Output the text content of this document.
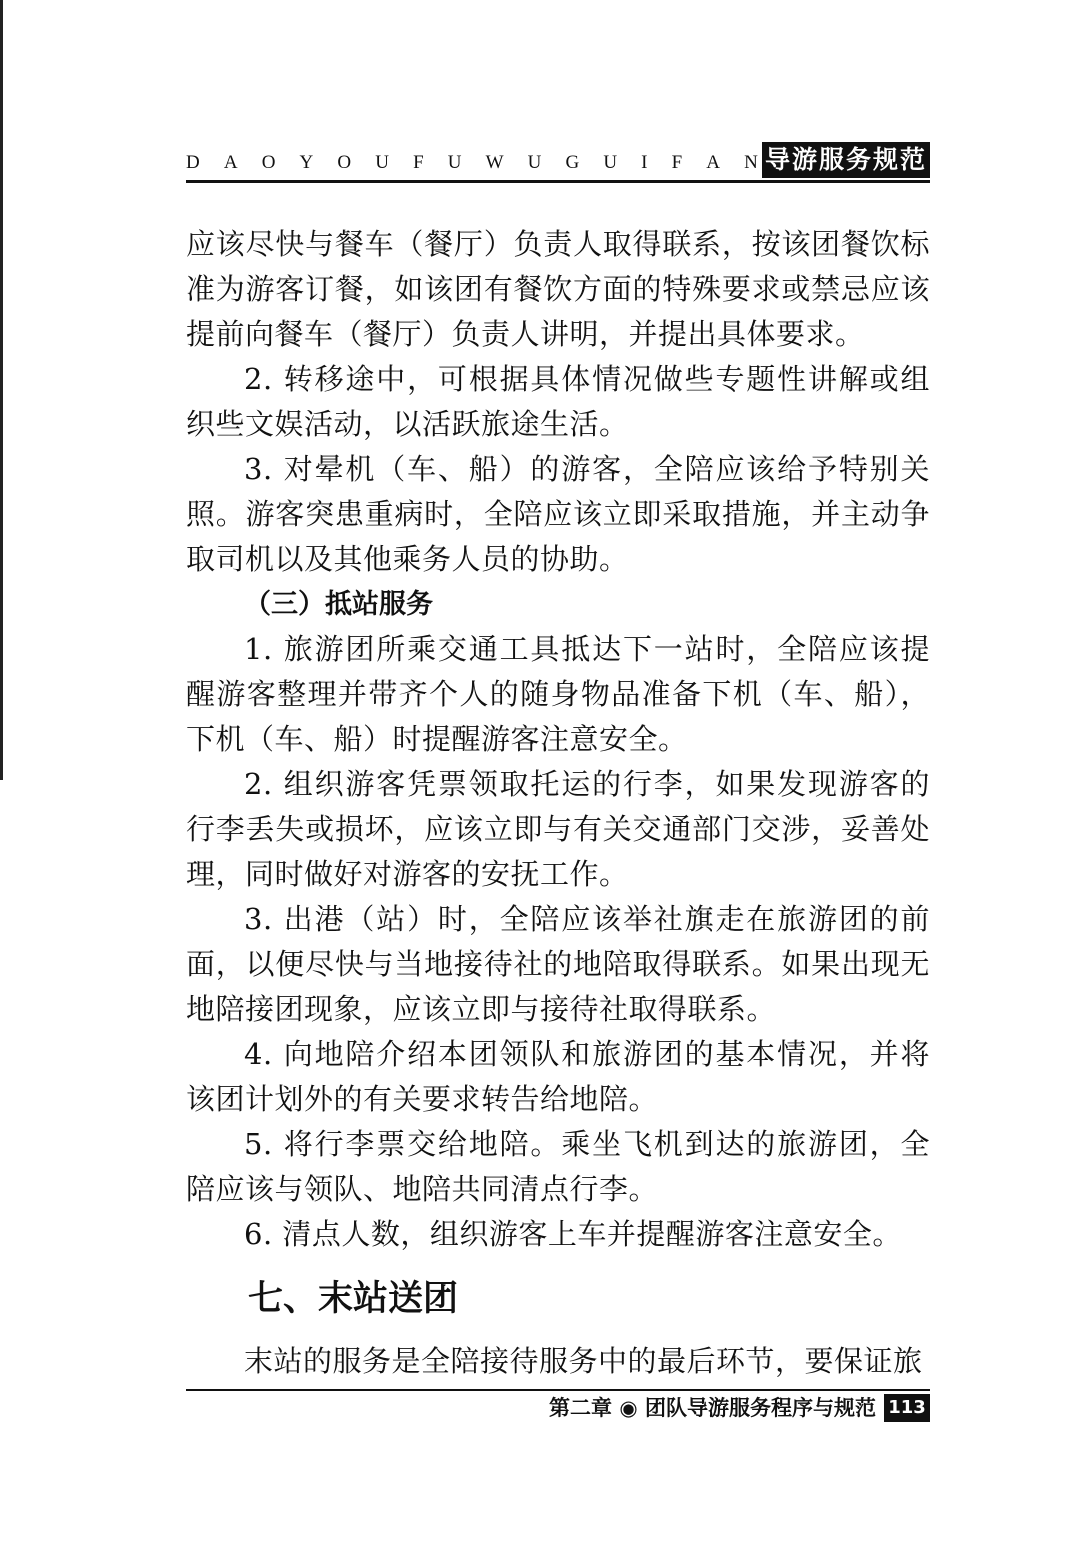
D A O Y O U F U W U G U I F A N 导游服务规范

应该尽快与餐车（餐厅）负责人取得联系，按该团餐饮标准为游客订餐，如该团有餐饮方面的特殊要求或禁忌应该提前向餐车（餐厅）负责人讲明，并提出具体要求。

2. 转移途中，可根据具体情况做些专题性讲解或组织些文娱活动，以活跃旅途生活。

3. 对晕机（车、船）的游客，全陪应该给予特别关照。游客突患重病时，全陪应该立即采取措施，并主动争取司机以及其他乘务人员的协助。

（三）抵站服务

1. 旅游团所乘交通工具抵达下一站时，全陪应该提醒游客整理并带齐个人的随身物品准备下机（车、船），下机（车、船）时提醒游客注意安全。

2. 组织游客凭票领取托运的行李，如果发现游客的行李丢失或损坏，应该立即与有关交通部门交涉，妥善处理，同时做好对游客的安抚工作。

3. 出港（站）时，全陪应该举社旗走在旅游团的前面，以便尽快与当地接待社的地陪取得联系。如果出现无地陪接团现象，应该立即与接待社取得联系。

4. 向地陪介绍本团领队和旅游团的基本情况，并将该团计划外的有关要求转告给地陪。

5. 将行李票交给地陪。乘坐飞机到达的旅游团，全陪应该与领队、地陪共同清点行李。

6. 清点人数，组织游客上车并提醒游客注意安全。

七、末站送团

末站的服务是全陪接待服务中的最后环节，要保证旅

第二章 ◉ 团队导游服务程序与规范 113
